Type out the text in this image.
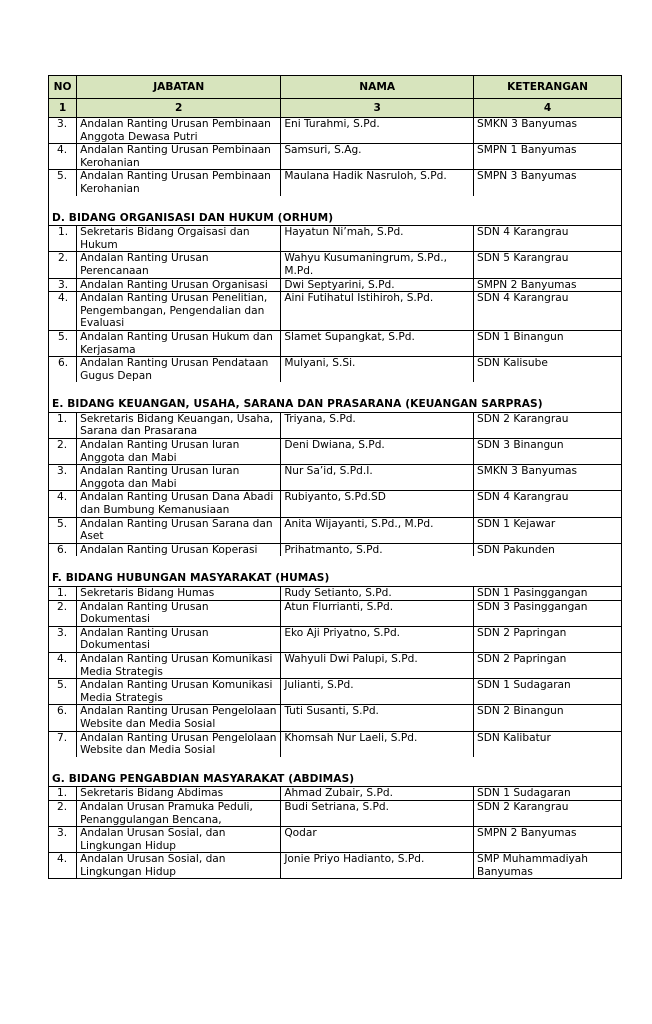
NO	JABATAN	NAMA	KETERANGAN
1	2	3	4
3.	Andalan Ranting Urusan Pembinaan Anggota Dewasa Putri	Eni Turahmi, S.Pd.	SMKN 3 Banyumas
4.	Andalan Ranting Urusan Pembinaan Kerohanian	Samsuri, S.Ag.	SMPN 1 Banyumas
5.	Andalan Ranting Urusan Pembinaan Kerohanian	Maulana Hadik Nasruloh, S.Pd.	SMPN 3 Banyumas
D. BIDANG ORGANISASI DAN HUKUM (ORHUM)			
1.	Sekretaris Bidang Orgaisasi dan Hukum	Hayatun Ni’mah, S.Pd.	SDN 4 Karangrau
2.	Andalan Ranting Urusan Perencanaan	Wahyu Kusumaningrum, S.Pd., M.Pd.	SDN 5 Karangrau
3.	Andalan Ranting Urusan Organisasi	Dwi Septyarini, S.Pd.	SMPN 2 Banyumas
4.	Andalan Ranting Urusan Penelitian, Pengembangan, Pengendalian dan Evaluasi	Aini Futihatul Istihiroh, S.Pd.	SDN 4 Karangrau
5.	Andalan Ranting Urusan Hukum dan Kerjasama	Slamet Supangkat, S.Pd.	SDN 1 Binangun
6.	Andalan Ranting Urusan Pendataan Gugus Depan	Mulyani, S.Si.	SDN Kalisube
E. BIDANG KEUANGAN, USAHA, SARANA DAN PRASARANA (KEUANGAN SARPRAS)			
1.	Sekretaris Bidang Keuangan, Usaha, Sarana dan Prasarana	Triyana, S.Pd.	SDN 2 Karangrau
2.	Andalan Ranting Urusan Iuran Anggota dan Mabi	Deni Dwiana, S.Pd.	SDN 3 Binangun
3.	Andalan Ranting Urusan Iuran Anggota dan Mabi	Nur Sa’id, S.Pd.I.	SMKN 3 Banyumas
4.	Andalan Ranting Urusan Dana Abadi dan Bumbung Kemanusiaan	Rubiyanto, S.Pd.SD	SDN 4 Karangrau
5.	Andalan Ranting Urusan Sarana dan Aset	Anita Wijayanti, S.Pd., M.Pd.	SDN 1 Kejawar
6.	Andalan Ranting Urusan Koperasi	Prihatmanto, S.Pd.	SDN Pakunden
F. BIDANG HUBUNGAN MASYARAKAT (HUMAS)			
1.	Sekretaris Bidang Humas	Rudy Setianto, S.Pd.	SDN 1 Pasinggangan
2.	Andalan Ranting Urusan Dokumentasi	Atun Flurrianti, S.Pd.	SDN 3 Pasinggangan
3.	Andalan Ranting Urusan Dokumentasi	Eko Aji Priyatno, S.Pd.	SDN 2 Papringan
4.	Andalan Ranting Urusan Komunikasi Media Strategis	Wahyuli Dwi Palupi, S.Pd.	SDN 2 Papringan
5.	Andalan Ranting Urusan Komunikasi Media Strategis	Julianti, S.Pd.	SDN 1 Sudagaran
6.	Andalan Ranting Urusan Pengelolaan Website dan Media Sosial	Tuti Susanti, S.Pd.	SDN 2 Binangun
7.	Andalan Ranting Urusan Pengelolaan Website dan Media Sosial	Khomsah Nur Laeli, S.Pd.	SDN Kalibatur
G. BIDANG PENGABDIAN MASYARAKAT (ABDIMAS)			
1.	Sekretaris Bidang Abdimas	Ahmad Zubair, S.Pd.	SDN 1 Sudagaran
2.	Andalan Urusan Pramuka Peduli, Penanggulangan Bencana,	Budi Setriana, S.Pd.	SDN 2 Karangrau
3.	Andalan Urusan Sosial, dan Lingkungan Hidup	Qodar	SMPN 2 Banyumas
4.	Andalan Urusan Sosial, dan Lingkungan Hidup	Jonie Priyo Hadianto, S.Pd.	SMP Muhammadiyah Banyumas
